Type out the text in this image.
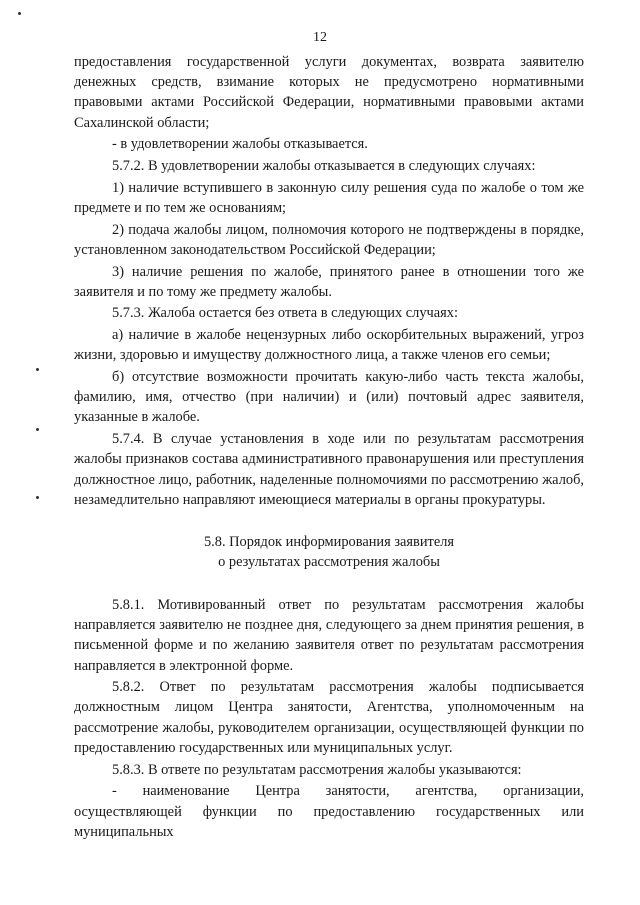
12

предоставления государственной услуги документах, возврата заявителю денежных средств, взимание которых не предусмотрено нормативными правовыми актами Российской Федерации, нормативными правовыми актами Сахалинской области;

- в удовлетворении жалобы отказывается.

5.7.2. В удовлетворении жалобы отказывается в следующих случаях:

1) наличие вступившего в законную силу решения суда по жалобе о том же предмете и по тем же основаниям;

2) подача жалобы лицом, полномочия которого не подтверждены в порядке, установленном законодательством Российской Федерации;

3) наличие решения по жалобе, принятого ранее в отношении того же заявителя и по тому же предмету жалобы.

5.7.3. Жалоба остается без ответа в следующих случаях:

а) наличие в жалобе нецензурных либо оскорбительных выражений, угроз жизни, здоровью и имуществу должностного лица, а также членов его семьи;

б) отсутствие возможности прочитать какую-либо часть текста жалобы, фамилию, имя, отчество (при наличии) и (или) почтовый адрес заявителя, указанные в жалобе.

5.7.4. В случае установления в ходе или по результатам рассмотрения жалобы признаков состава административного правонарушения или преступления должностное лицо, работник, наделенные полномочиями по рассмотрению жалоб, незамедлительно направляют имеющиеся материалы в органы прокуратуры.

5.8. Порядок информирования заявителя
о результатах рассмотрения жалобы

5.8.1. Мотивированный ответ по результатам рассмотрения жалобы направляется заявителю не позднее дня, следующего за днем принятия решения, в письменной форме и по желанию заявителя ответ по результатам рассмотрения направляется в электронной форме.

5.8.2. Ответ по результатам рассмотрения жалобы подписывается должностным лицом Центра занятости, Агентства, уполномоченным на рассмотрение жалобы, руководителем организации, осуществляющей функции по предоставлению государственных или муниципальных услуг.

5.8.3. В ответе по результатам рассмотрения жалобы указываются:

- наименование Центра занятости, агентства, организации, осуществляющей функции по предоставлению государственных или муниципальных
